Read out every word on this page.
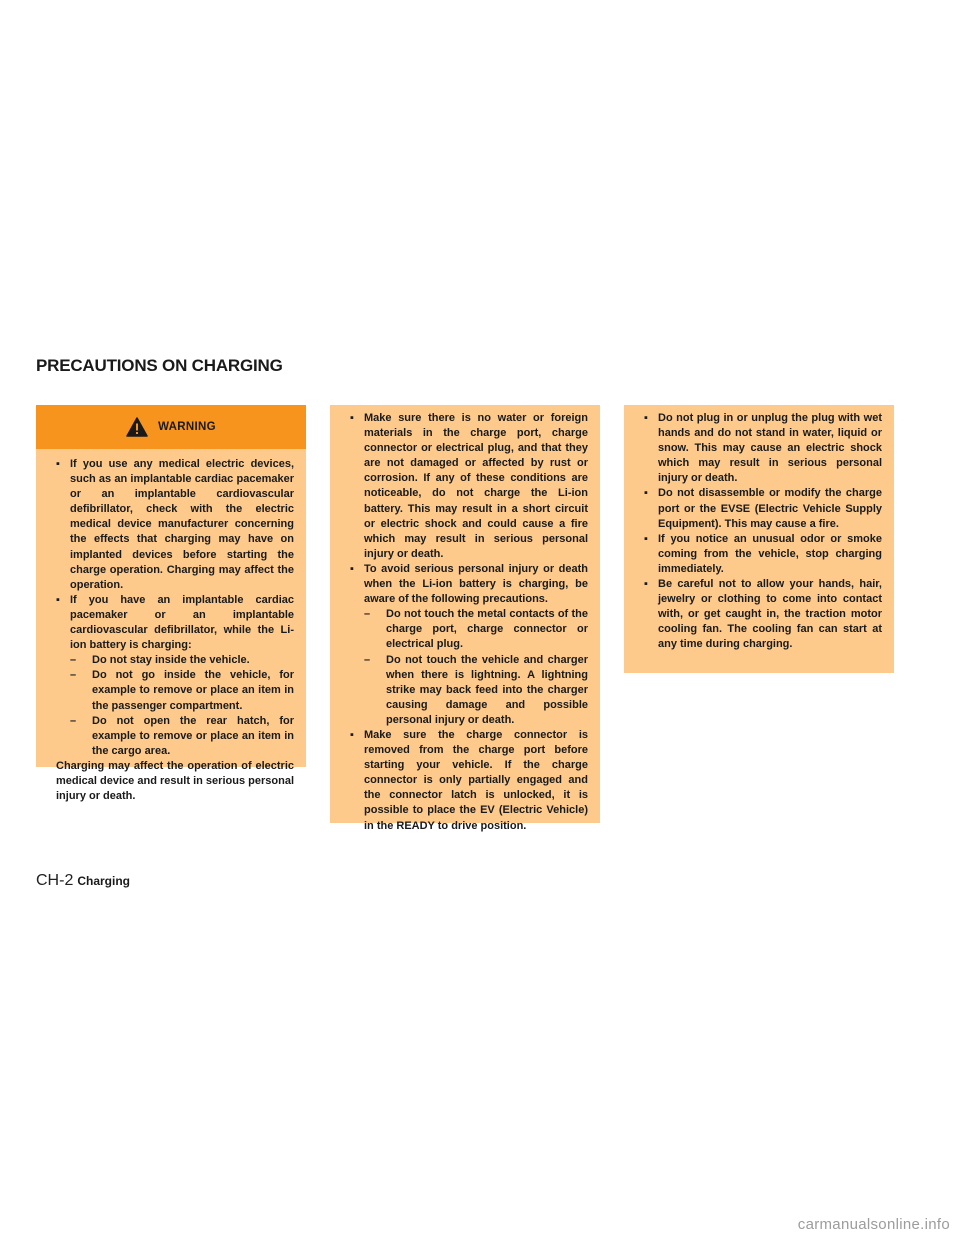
PRECAUTIONS ON CHARGING
WARNING
▪ If you use any medical electric devices, such as an implantable cardiac pacemaker or an implantable cardiovascular defibrillator, check with the electric medical device manufacturer concerning the effects that charging may have on implanted devices before starting the charge operation. Charging may affect the operation.
▪ If you have an implantable cardiac pacemaker or an implantable cardiovascular defibrillator, while the Li-ion battery is charging:
– Do not stay inside the vehicle.
– Do not go inside the vehicle, for example to remove or place an item in the passenger compartment.
– Do not open the rear hatch, for example to remove or place an item in the cargo area.

Charging may affect the operation of electric medical device and result in serious personal injury or death.

▪ Make sure there is no water or foreign materials in the charge port, charge connector or electrical plug, and that they are not damaged or affected by rust or corrosion. If any of these conditions are noticeable, do not charge the Li-ion battery. This may result in a short circuit or electric shock and could cause a fire which may result in serious personal injury or death.
▪ To avoid serious personal injury or death when the Li-ion battery is charging, be aware of the following precautions.
– Do not touch the metal contacts of the charge port, charge connector or electrical plug.
– Do not touch the vehicle and charger when there is lightning. A lightning strike may back feed into the charger causing damage and possible personal injury or death.
▪ Make sure the charge connector is removed from the charge port before starting your vehicle. If the charge connector is only partially engaged and the connector latch is unlocked, it is possible to place the EV (Electric Vehicle) in the READY to drive position.
▪ Do not plug in or unplug the plug with wet hands and do not stand in water, liquid or snow. This may cause an electric shock which may result in serious personal injury or death.
▪ Do not disassemble or modify the charge port or the EVSE (Electric Vehicle Supply Equipment). This may cause a fire.
▪ If you notice an unusual odor or smoke coming from the vehicle, stop charging immediately.
▪ Be careful not to allow your hands, hair, jewelry or clothing to come into contact with, or get caught in, the traction motor cooling fan. The cooling fan can start at any time during charging.
CH-2 Charging
carmanualsonline.info
